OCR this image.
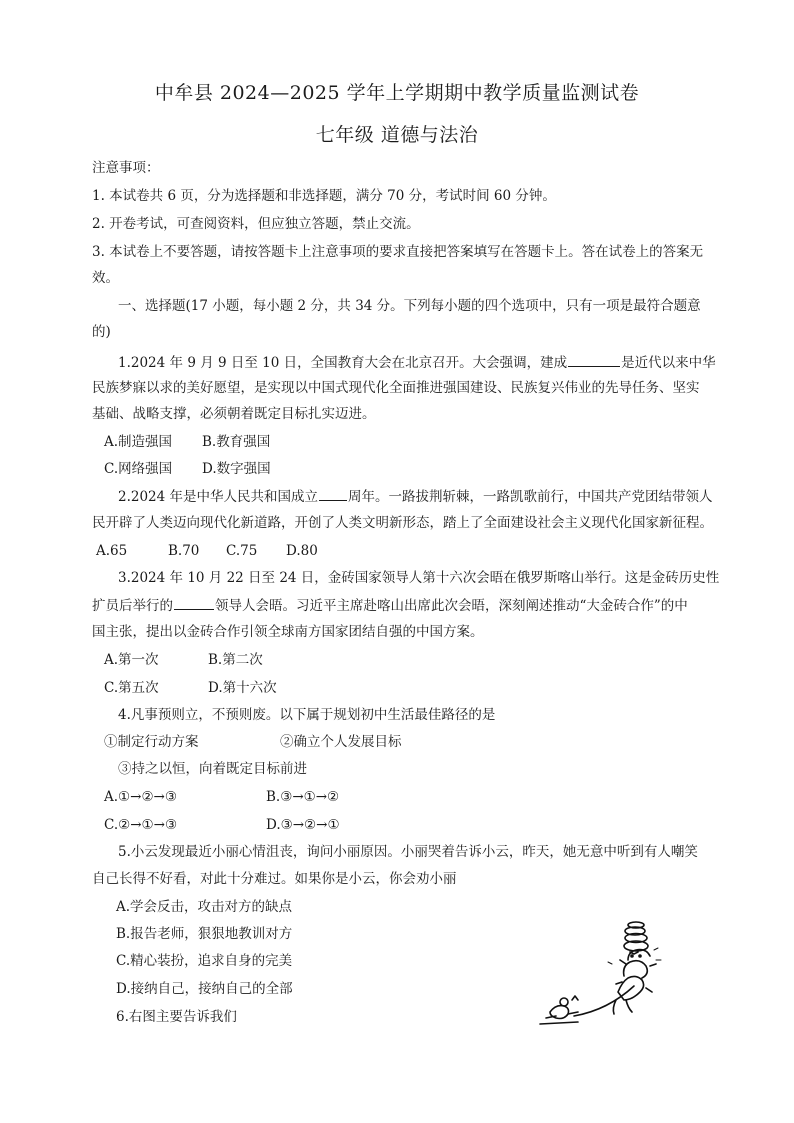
中牟县 2024—2025 学年上学期期中教学质量监测试卷
七年级 道德与法治
注意事项：
1. 本试卷共 6 页，分为选择题和非选择题，满分 70 分，考试时间 60 分钟。
2. 开卷考试，可查阅资料，但应独立答题，禁止交流。
3. 本试卷上不要答题，请按答题卡上注意事项的要求直接把答案填写在答题卡上。答在试卷上的答案无
效。
一、选择题(17 小题，每小题 2 分，共 34 分。下列每小题的四个选项中，只有一项是最符合题意
的)
1.2024 年 9 月 9 日至 10 日，全国教育大会在北京召开。大会强调，建成	是近代以来中华
民族梦寐以求的美好愿望，是实现以中国式现代化全面推进强国建设、民族复兴伟业的先导任务、坚实
基础、战略支撑，必须朝着既定目标扎实迈进。
A.制造强国 B.教育强国
C.网络强国 D.数字强国
2.2024 年是中华人民共和国成立 周年。一路拔荆斩棘，一路凯歌前行，中国共产党团结带领人
民开辟了人类迈向现代化新道路，开创了人类文明新形态，踏上了全面建设社会主义现代化国家新征程。
A.65	B.70 C.75 D.80
3.2024 年 10 月 22 日至 24 日，金砖国家领导人第十六次会晤在俄罗斯喀山举行。这是金砖历史性
扩员后举行的	领导人会晤。习近平主席赴喀山出席此次会晤，深刻阐述推动“大金砖合作”的中
国主张，提出以金砖合作引领全球南方国家团结自强的中国方案。
A.第一次	B.第二次
C.第五次	D.第十六次
4.凡事预则立，不预则废。以下属于规划初中生活最佳路径的是
①制定行动方案	②确立个人发展目标
③持之以恒，向着既定目标前进
A.①→②→③	B.③→①→②
C.②→①→③	D.③→②→①
5.小云发现最近小丽心情沮丧，询问小丽原因。小丽哭着告诉小云，昨天，她无意中听到有人嘲笑
自己长得不好看，对此十分难过。如果你是小云，你会劝小丽
A.学会反击，攻击对方的缺点
B.报告老师，狠狠地教训对方
C.精心装扮，追求自身的完美
D.接纳自己，接纳自己的全部
6.右图主要告诉我们
